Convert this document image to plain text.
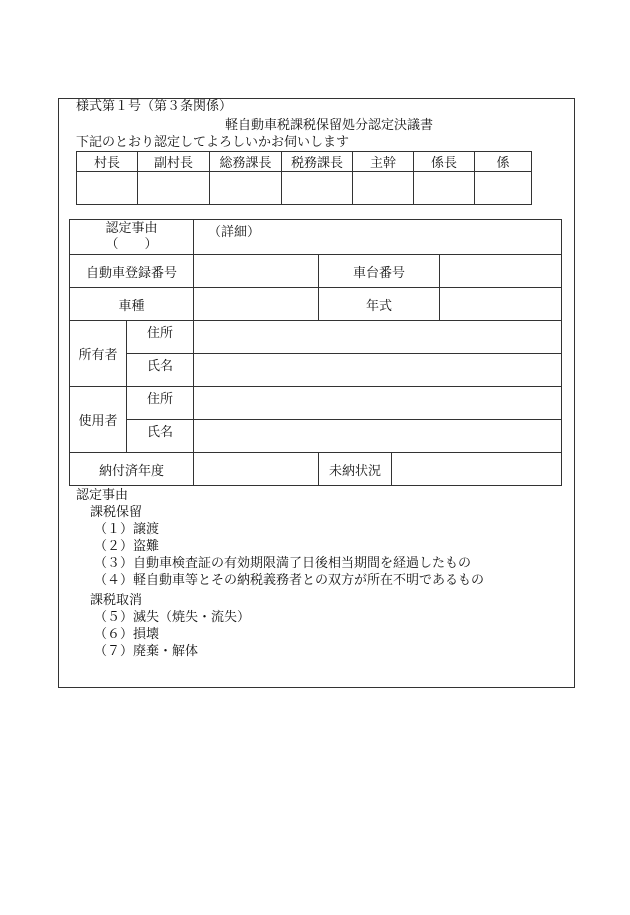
様式第１号（第３条関係）
軽自動車税課税保留処分認定決議書
下記のとおり認定してよろしいかお伺いします
村長	副村長	総務課長	税務課長	主幹	係長	係

認定事由
（　　）		（詳細）			
自動車登録番号			車台番号		
車種			年式		
所有者	住所				
	氏名				
使用者	住所				
	氏名				
納付済年度			未納状況		
認定事由
課税保留
（１）譲渡
（２）盗難
（３）自動車検査証の有効期限満了日後相当期間を経過したもの
（４）軽自動車等とその納税義務者との双方が所在不明であるもの
課税取消
（５）滅失（焼失・流失）
（６）損壊
（７）廃棄・解体
